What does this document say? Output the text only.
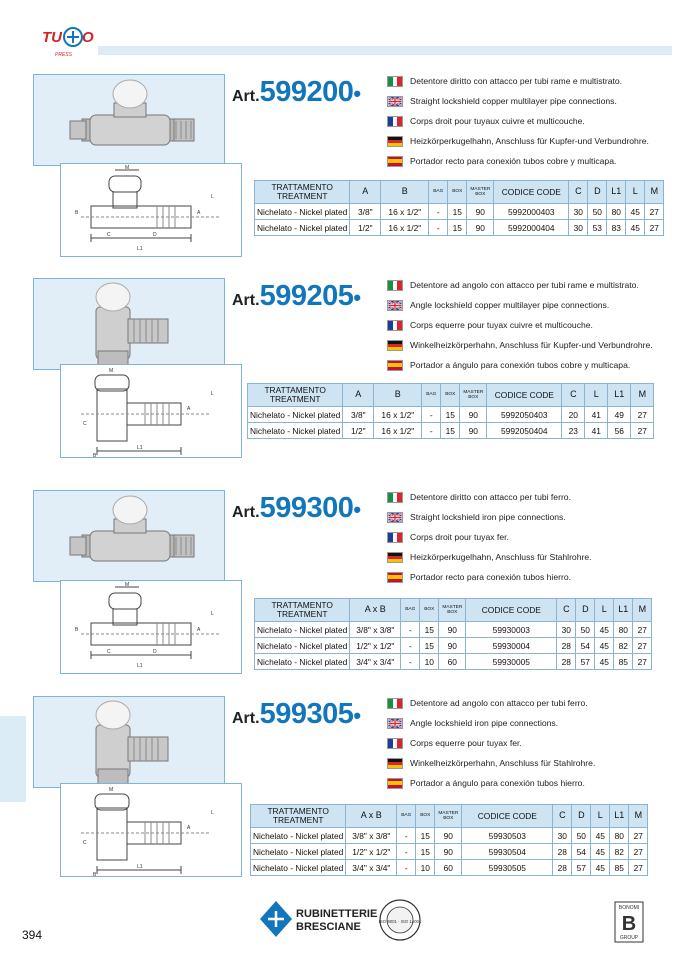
TU O
PRESS
M
L1
C	D
B	A
L
Art.599200•	Detentore diritto con attacco per tubi rame e multistrato.
Straight lockshield copper multilayer pipe connections.
Corps droit pour tuyaux cuivre et multicouche.
Heizkörperkugelhahn, Anschluss für Kupfer-und Verbundrohre.
Portador recto para conexión tubos cobre y multicapa.
TRATTAMENTO TREATMENT	A	B	BAG	BOX	MASTER BOX	CODICE CODE	C	D	L1	L	M
Nichelato - Nickel plated	3/8"	16 x 1/2"	-	15	90	5992000403	30	50	80	45	27
Nichelato - Nickel plated	1/2"	16 x 1/2"	-	15	90	5992000404	30	53	83	45	27
M
L1
C
B
A
L
Art.599205•	Detentore ad angolo con attacco per tubi rame e multistrato.
Angle lockshield copper multilayer pipe connections.
Corps equerre pour tuyax cuivre et multicouche.
Winkelheizkörperhahn, Anschluss für Kupfer-und Verbundrohre.
Portador a ángulo para conexión tubos cobre y multicapa.
TRATTAMENTO TREATMENT	A	B	BAG	BOX	MASTER BOX	CODICE CODE	C	L	L1	M
Nichelato - Nickel plated	3/8"	16 x 1/2"	-	15	90	5992050403	20	41	49	27
Nichelato - Nickel plated	1/2"	16 x 1/2"	-	15	90	5992050404	23	41	56	27
M
L1
C	D
B	A
L
Art.599300•	Detentore diritto con attacco per tubi ferro.
Straight lockshield iron pipe connections.
Corps droit pour tuyax fer.
Heizkörperkugelhahn, Anschluss für Stahlrohre.
Portador recto para conexión tubos hierro.
TRATTAMENTO TREATMENT	A x B	BAG	BOX	MASTER BOX	CODICE CODE	C	D	L	L1	M
Nichelato - Nickel plated	3/8" x 3/8"	-	15	90	59930003	30	50	45	80	27
Nichelato - Nickel plated	1/2" x 1/2"	-	15	90	59930004	28	54	45	82	27
Nichelato - Nickel plated	3/4" x 3/4"	-	10	60	59930005	28	57	45	85	27
M
L1
C
B
A
L
Art.599305•	Detentore ad angolo con attacco per tubi ferro.
Angle lockshield iron pipe connections.
Corps equerre pour tuyax fer.
Winkelheizkörperhahn, Anschluss für Stahlrohre.
Portador a ángulo para conexión tubos hierro.
TRATTAMENTO TREATMENT	A x B	BAG	BOX	MASTER BOX	CODICE CODE	C	D	L	L1	M
Nichelato - Nickel plated	3/8" x 3/8"	-	15	90	59930503	30	50	45	80	27
Nichelato - Nickel plated	1/2" x 1/2"	-	15	90	59930504	28	54	45	82	27
Nichelato - Nickel plated	3/4" x 3/4"	-	10	60	59930505	28	57	45	85	27
394
RUBINETTERIE
BRESCIANE	ISO 9001 · ISO 14001
BONOMI
B
GROUP
